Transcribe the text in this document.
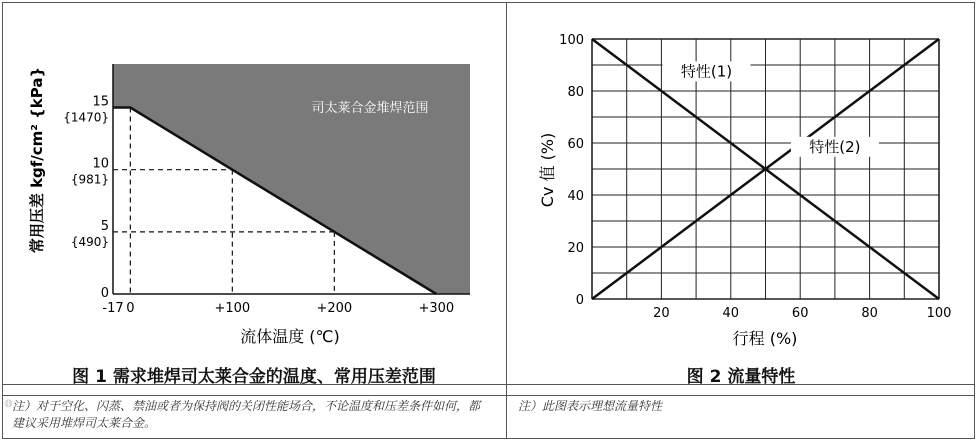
-17 0	+100	+200	+300
0
5
{490}
10
{981}
15
{1470}
司太莱合金堆焊范围
常用压差 kgf/cm² {kPa}
流体温度 (℃)
图 1 需求堆焊司太莱合金的温度、常用压差范围
注）对于空化、闪蒸、禁油或者为保持阀的关闭性能场合，不论温度和压差条件如何，都建议采用堆焊司太莱合金。
20	40	60	80	100
0
20
40
60
80
100
特性(1)
特性(2)
Cv 值 (%)
行程 (%)
图 2 流量特性
注）此图表示理想流量特性
◍
